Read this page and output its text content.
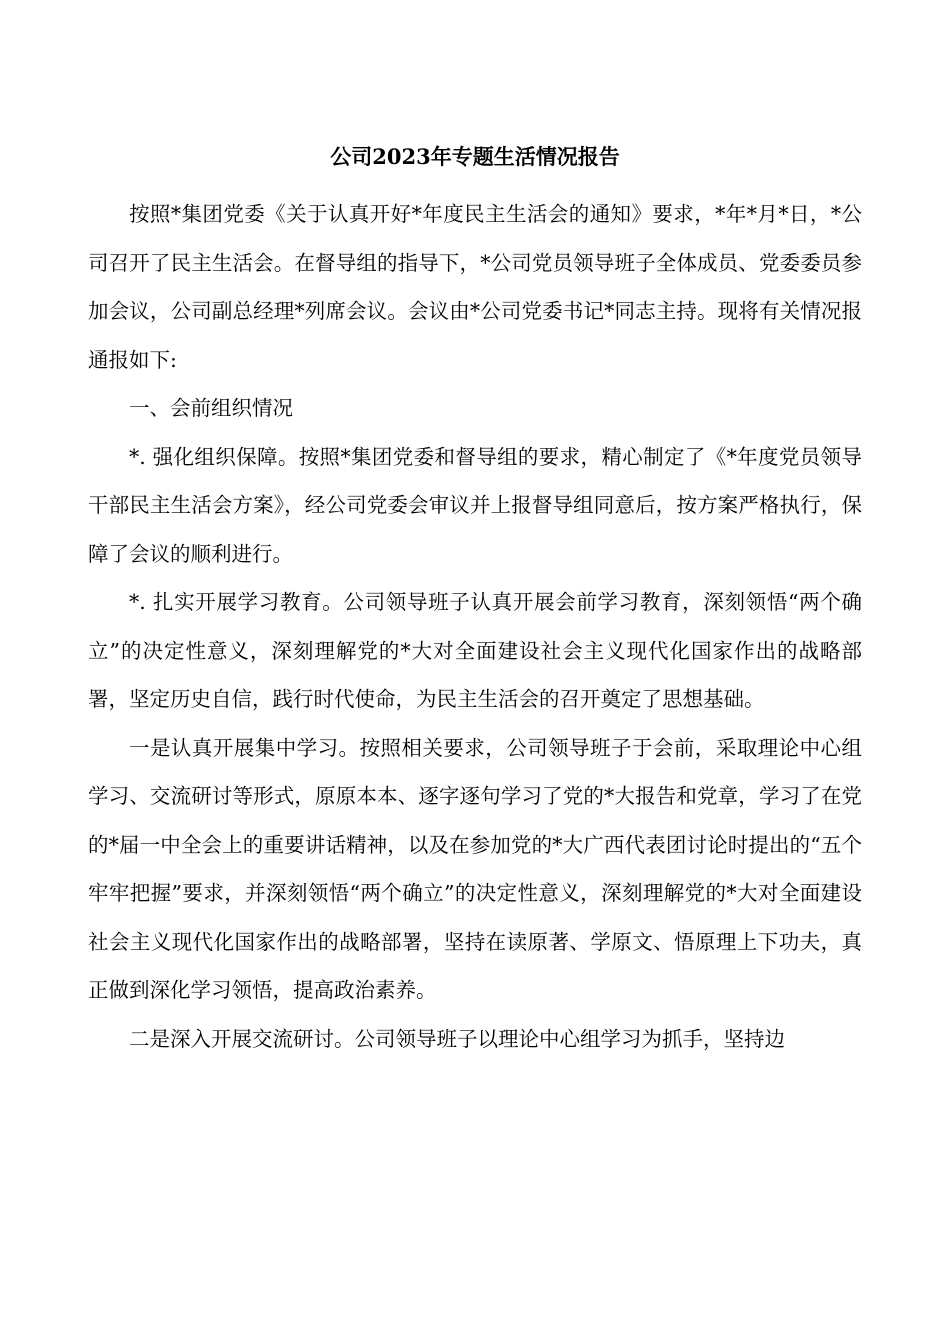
公司2023年专题生活情况报告

按照*集团党委《关于认真开好*年度民主生活会的通知》要求，*年*月*日，*公司召开了民主生活会。在督导组的指导下，*公司党员领导班子全体成员、党委委员参加会议，公司副总经理*列席会议。会议由*公司党委书记*同志主持。现将有关情况报通报如下:

一、会前组织情况

*. 强化组织保障。按照*集团党委和督导组的要求，精心制定了《*年度党员领导干部民主生活会方案》，经公司党委会审议并上报督导组同意后，按方案严格执行，保障了会议的顺利进行。

*. 扎实开展学习教育。公司领导班子认真开展会前学习教育，深刻领悟“两个确立”的决定性意义，深刻理解党的*大对全面建设社会主义现代化国家作出的战略部署，坚定历史自信，践行时代使命，为民主生活会的召开奠定了思想基础。

一是认真开展集中学习。按照相关要求，公司领导班子于会前，采取理论中心组学习、交流研讨等形式，原原本本、逐字逐句学习了党的*大报告和党章，学习了在党的*届一中全会上的重要讲话精神，以及在参加党的*大广西代表团讨论时提出的“五个牢牢把握”要求，并深刻领悟“两个确立”的决定性意义，深刻理解党的*大对全面建设社会主义现代化国家作出的战略部署，坚持在读原著、学原文、悟原理上下功夫，真正做到深化学习领悟，提高政治素养。

二是深入开展交流研讨。公司领导班子以理论中心组学习为抓手，坚持边
